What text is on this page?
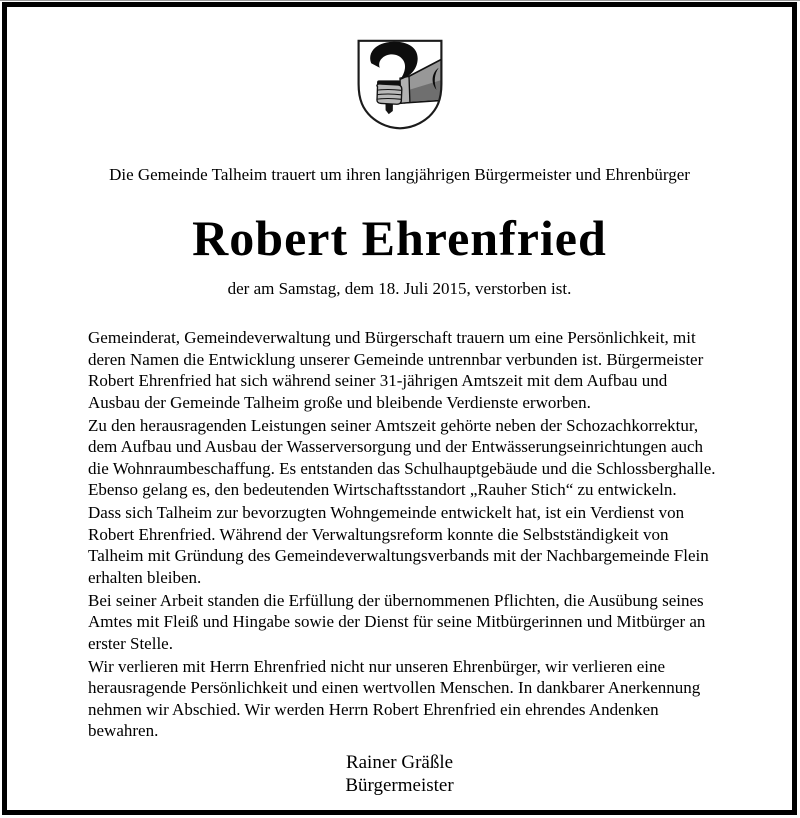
Die Gemeinde Talheim trauert um ihren langjährigen Bürgermeister und Ehrenbürger

Robert Ehrenfried

der am Samstag, dem 18. Juli 2015, verstorben ist.

Gemeinderat, Gemeindeverwaltung und Bürgerschaft trauern um eine Persönlichkeit, mit deren Namen die Entwicklung unserer Gemeinde untrennbar verbunden ist. Bürgermeister Robert Ehrenfried hat sich während seiner 31-jährigen Amtszeit mit dem Aufbau und Ausbau der Gemeinde Talheim große und bleibende Verdienste erworben.

Zu den herausragenden Leistungen seiner Amtszeit gehörte neben der Schozachkorrektur, dem Aufbau und Ausbau der Wasserversorgung und der Entwässerungseinrichtungen auch die Wohnraumbeschaffung. Es entstanden das Schulhauptgebäude und die Schlossberghalle. Ebenso gelang es, den bedeutenden Wirtschaftsstandort „Rauher Stich“ zu entwickeln.

Dass sich Talheim zur bevorzugten Wohngemeinde entwickelt hat, ist ein Verdienst von Robert Ehrenfried. Während der Verwaltungsreform konnte die Selbstständigkeit von Talheim mit Gründung des Gemeindeverwaltungsverbands mit der Nachbargemeinde Flein erhalten bleiben.

Bei seiner Arbeit standen die Erfüllung der übernommenen Pflichten, die Ausübung seines Amtes mit Fleiß und Hingabe sowie der Dienst für seine Mitbürgerinnen und Mitbürger an erster Stelle.

Wir verlieren mit Herrn Ehrenfried nicht nur unseren Ehrenbürger, wir verlieren eine herausragende Persönlichkeit und einen wertvollen Menschen. In dankbarer Anerkennung nehmen wir Abschied. Wir werden Herrn Robert Ehrenfried ein ehrendes Andenken bewahren.

Rainer Gräßle

Bürgermeister
